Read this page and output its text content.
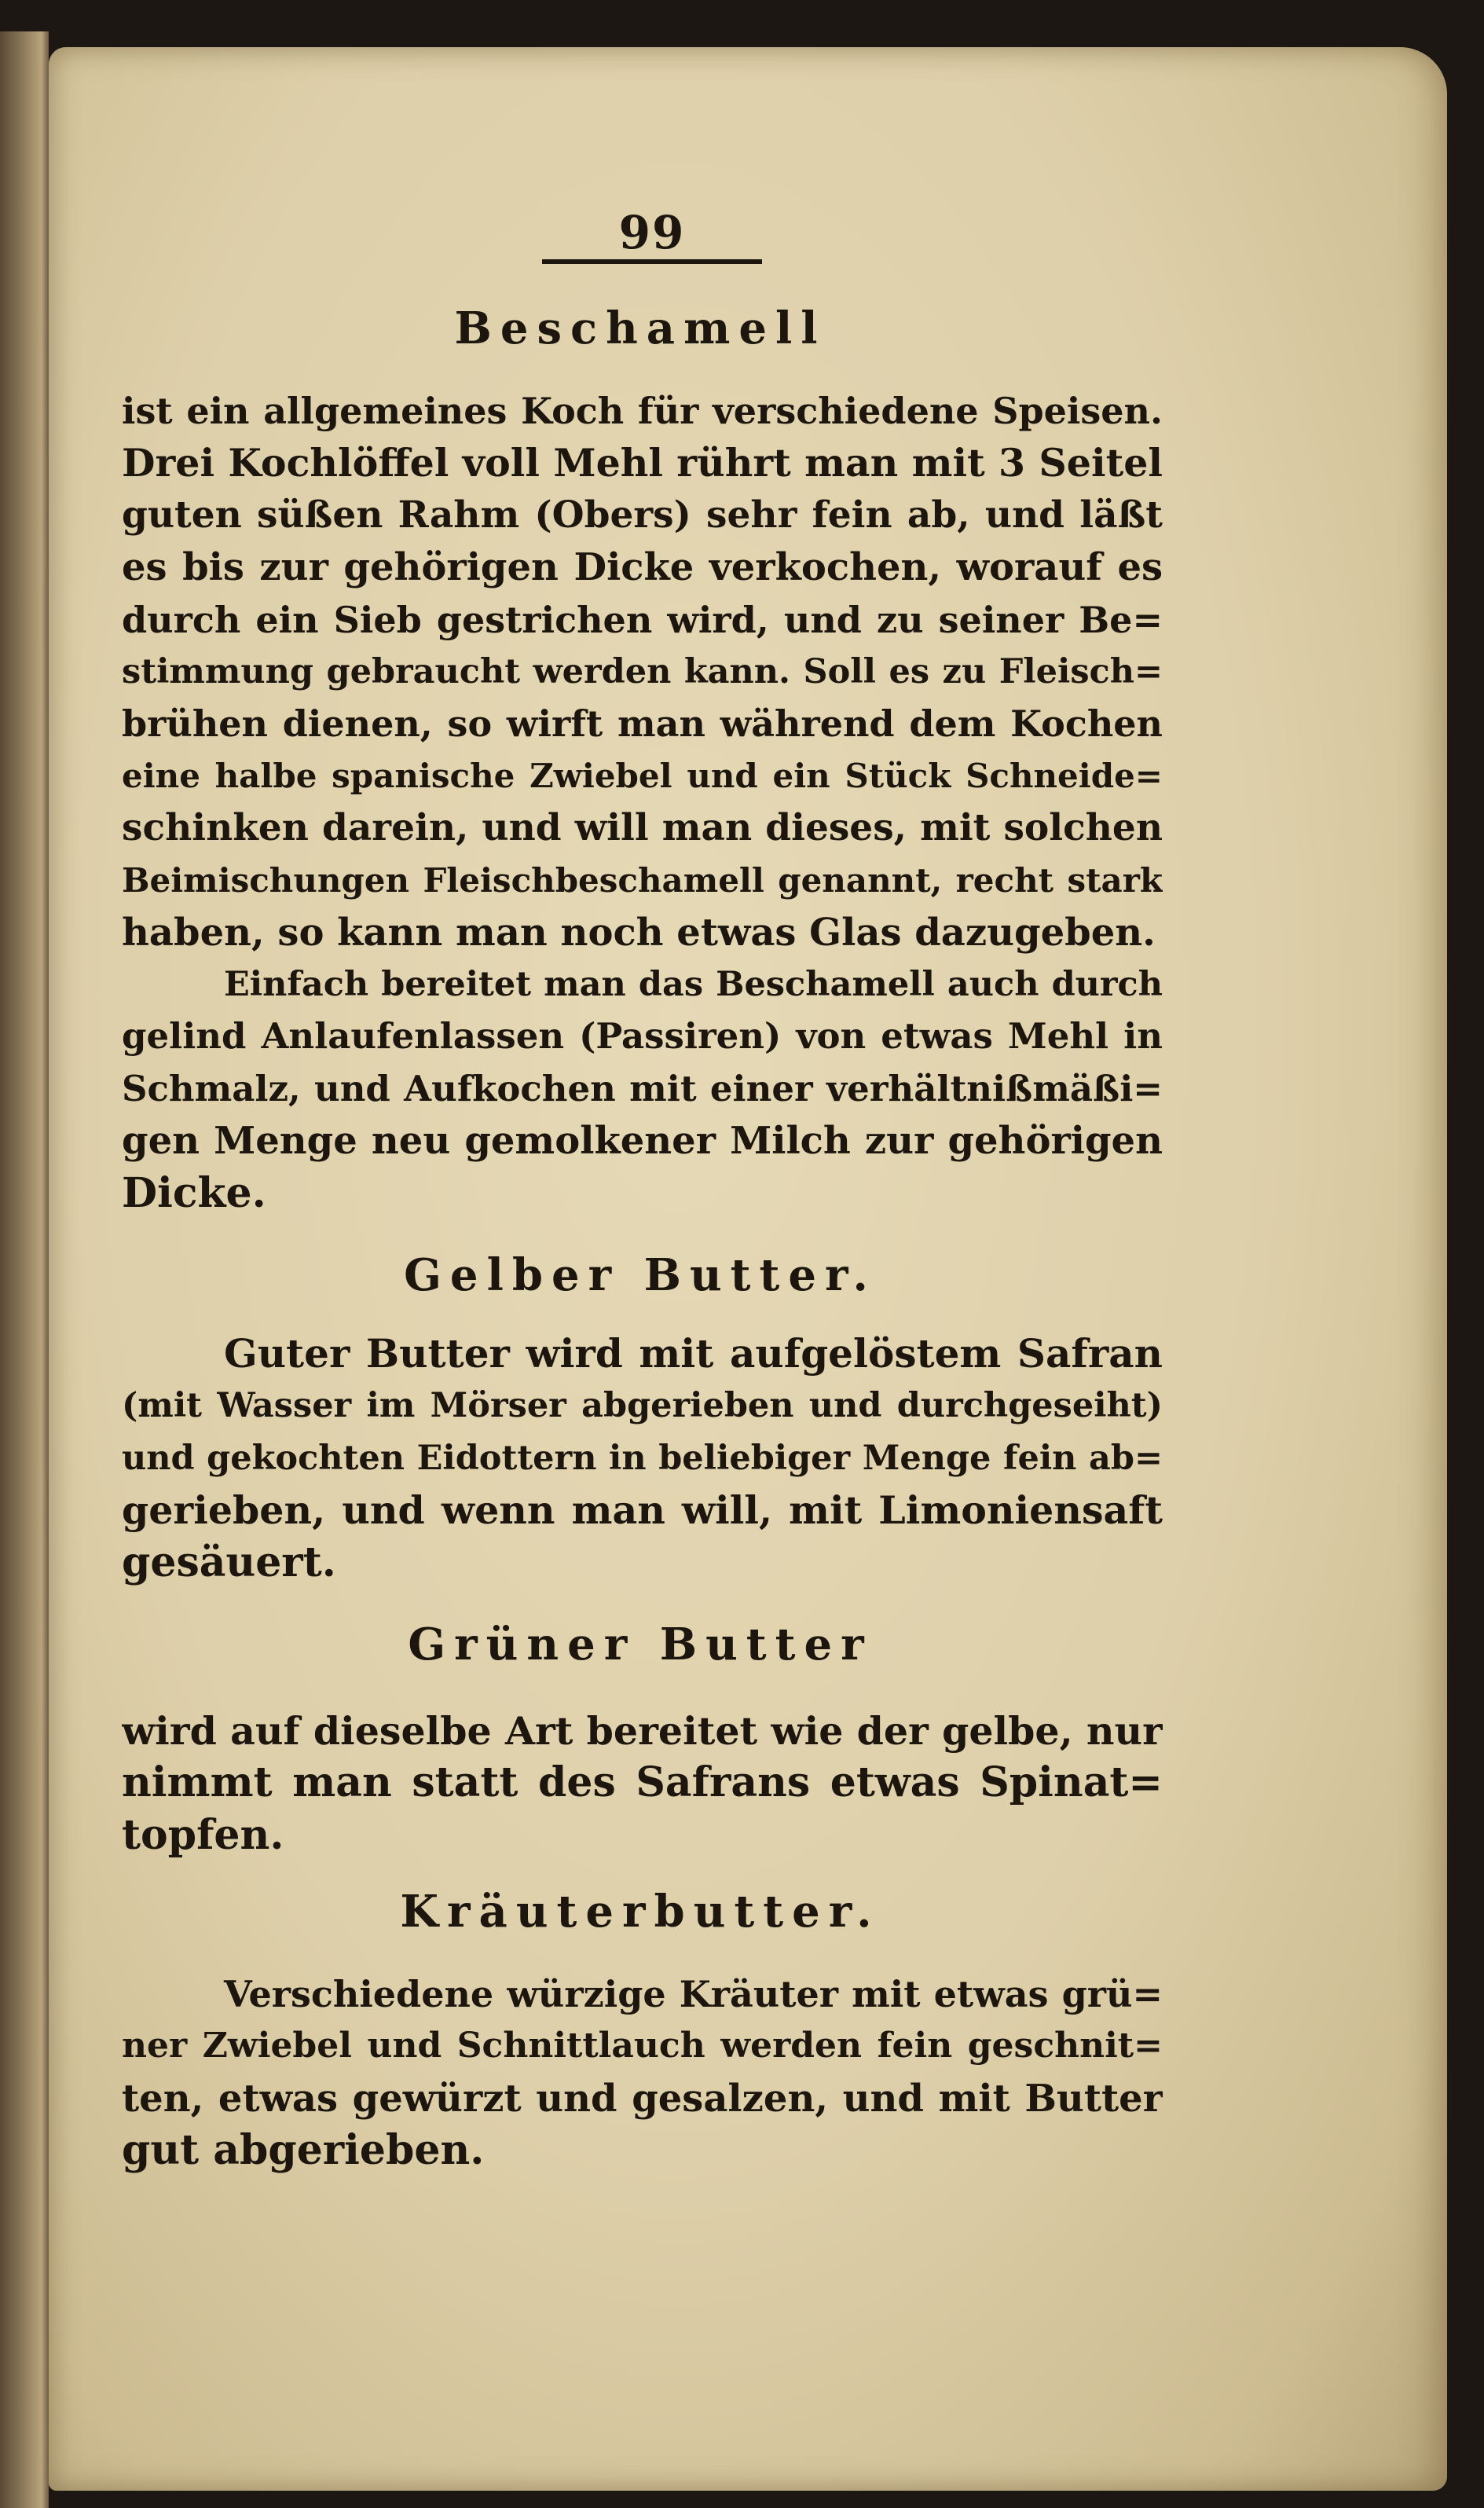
99
Beschamell
ist ein allgemeines Koch für verschiedene Speisen.
Drei Kochlöffel voll Mehl rührt man mit 3 Seitel
guten süßen Rahm (Obers) sehr fein ab, und läßt
es bis zur gehörigen Dicke verkochen, worauf es
durch ein Sieb gestrichen wird, und zu seiner Be=
stimmung gebraucht werden kann. Soll es zu Fleisch=
brühen dienen, so wirft man während dem Kochen
eine halbe spanische Zwiebel und ein Stück Schneide=
schinken darein, und will man dieses, mit solchen
Beimischungen Fleischbeschamell genannt, recht stark
haben, so kann man noch etwas Glas dazugeben.
Einfach bereitet man das Beschamell auch durch
gelind Anlaufenlassen (Passiren) von etwas Mehl in
Schmalz, und Aufkochen mit einer verhältnißmäßi=
gen Menge neu gemolkener Milch zur gehörigen
Dicke.
Gelber Butter.
Guter Butter wird mit aufgelöstem Safran
(mit Wasser im Mörser abgerieben und durchgeseiht)
und gekochten Eidottern in beliebiger Menge fein ab=
gerieben, und wenn man will, mit Limoniensaft
gesäuert.
Grüner Butter
wird auf dieselbe Art bereitet wie der gelbe, nur
nimmt man statt des Safrans etwas Spinat=
topfen.
Kräuterbutter.
Verschiedene würzige Kräuter mit etwas grü=
ner Zwiebel und Schnittlauch werden fein geschnit=
ten, etwas gewürzt und gesalzen, und mit Butter
gut abgerieben.
